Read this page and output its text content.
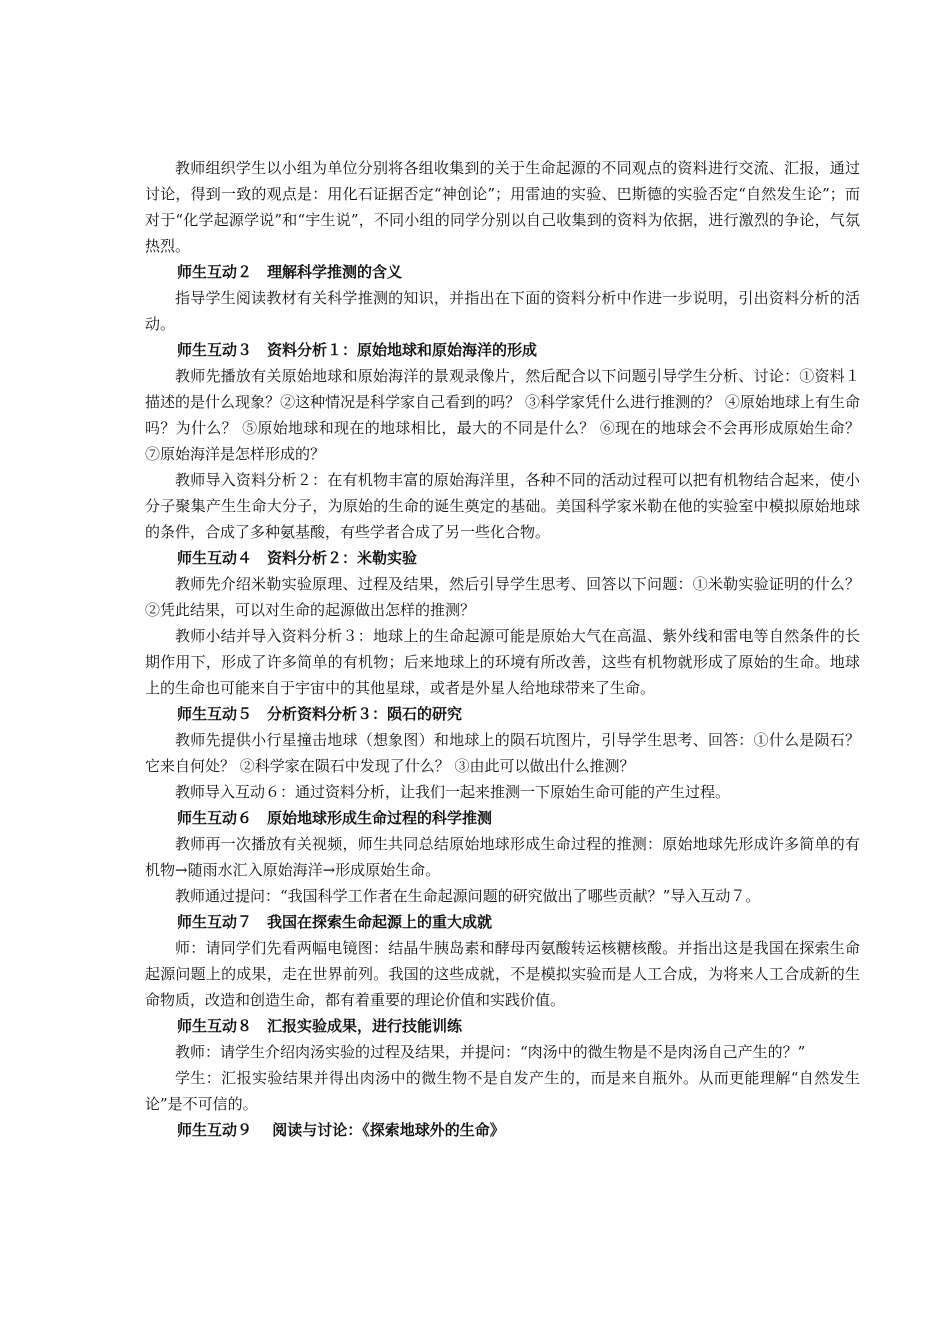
教师组织学生以小组为单位分别将各组收集到的关于生命起源的不同观点的资料进行交流、汇报，通过讨论，得到一致的观点是：用化石证据否定“神创论”；用雷迪的实验、巴斯德的实验否定“自然发生论”；而对于“化学起源学说”和“宇生说”，不同小组的同学分别以自己收集到的资料为依据，进行激烈的争论，气氛热烈。

师生互动２　理解科学推测的含义

指导学生阅读教材有关科学推测的知识，并指出在下面的资料分析中作进一步说明，引出资料分析的活动。

师生互动３　资料分析１：原始地球和原始海洋的形成

教师先播放有关原始地球和原始海洋的景观录像片，然后配合以下问题引导学生分析、讨论：①资料１描述的是什么现象？②这种情况是科学家自己看到的吗？ ③科学家凭什么进行推测的？ ④原始地球上有生命吗？为什么？ ⑤原始地球和现在的地球相比，最大的不同是什么？ ⑥现在的地球会不会再形成原始生命？ ⑦原始海洋是怎样形成的？

教师导入资料分析２：在有机物丰富的原始海洋里，各种不同的活动过程可以把有机物结合起来，使小分子聚集产生生命大分子，为原始的生命的诞生奠定的基础。美国科学家米勒在他的实验室中模拟原始地球的条件，合成了多种氨基酸，有些学者合成了另一些化合物。

师生互动４　资料分析２：米勒实验

教师先介绍米勒实验原理、过程及结果，然后引导学生思考、回答以下问题：①米勒实验证明的什么？ ②凭此结果，可以对生命的起源做出怎样的推测？

教师小结并导入资料分析３：地球上的生命起源可能是原始大气在高温、紫外线和雷电等自然条件的长期作用下，形成了许多简单的有机物；后来地球上的环境有所改善，这些有机物就形成了原始的生命。地球上的生命也可能来自于宇宙中的其他星球，或者是外星人给地球带来了生命。

师生互动５　分析资料分析３：陨石的研究

教师先提供小行星撞击地球（想象图）和地球上的陨石坑图片，引导学生思考、回答：①什么是陨石？它来自何处？ ②科学家在陨石中发现了什么？ ③由此可以做出什么推测？

教师导入互动６：通过资料分析，让我们一起来推测一下原始生命可能的产生过程。

师生互动６　原始地球形成生命过程的科学推测

教师再一次播放有关视频，师生共同总结原始地球形成生命过程的推测：原始地球先形成许多简单的有机物→随雨水汇入原始海洋→形成原始生命。

教师通过提问：“我国科学工作者在生命起源问题的研究做出了哪些贡献？”导入互动７。

师生互动７　我国在探索生命起源上的重大成就

师：请同学们先看两幅电镜图：结晶牛胰岛素和酵母丙氨酸转运核糖核酸。并指出这是我国在探索生命起源问题上的成果，走在世界前列。我国的这些成就，不是模拟实验而是人工合成，为将来人工合成新的生命物质，改造和创造生命，都有着重要的理论价值和实践价值。

师生互动８　汇报实验成果，进行技能训练

教师：请学生介绍肉汤实验的过程及结果，并提问：“肉汤中的微生物是不是肉汤自己产生的？”

学生：汇报实验结果并得出肉汤中的微生物不是自发产生的，而是来自瓶外。从而更能理解“自然发生论”是不可信的。

师生互动９　 阅读与讨论：《探索地球外的生命》
